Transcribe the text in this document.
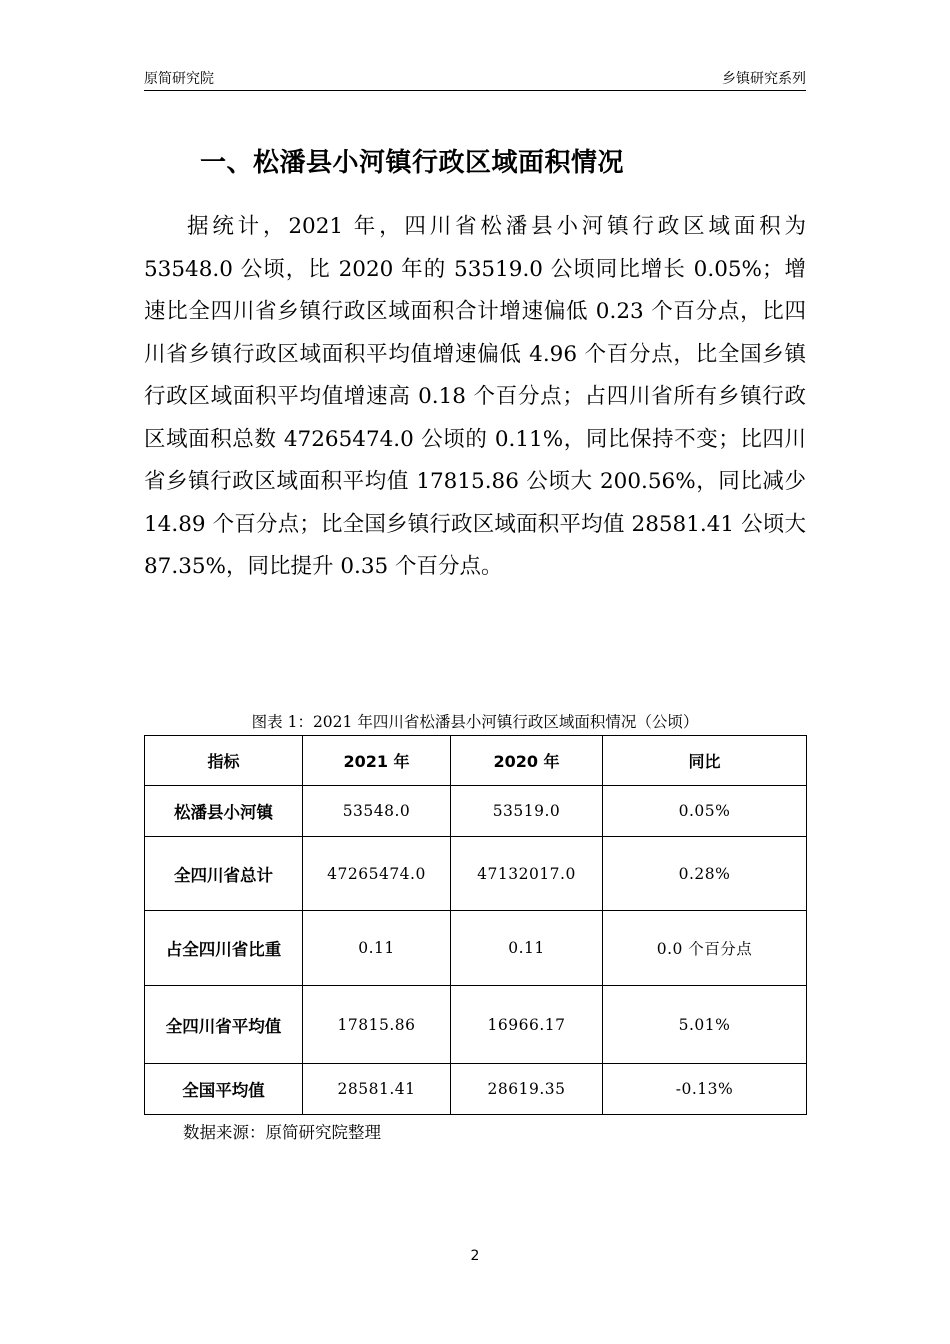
原简研究院	乡镇研究系列
一、松潘县小河镇行政区域面积情况

据统计，2021 年，四川省松潘县小河镇行政区域面积为 53548.0 公顷，比 2020 年的 53519.0 公顷同比增长 0.05%；增速比全四川省乡镇行政区域面积合计增速偏低 0.23 个百分点，比四川省乡镇行政区域面积平均值增速偏低 4.96 个百分点，比全国乡镇行政区域面积平均值增速高 0.18 个百分点；占四川省所有乡镇行政区域面积总数 47265474.0 公顷的 0.11%，同比保持不变；比四川省乡镇行政区域面积平均值 17815.86 公顷大 200.56%，同比减少 14.89 个百分点；比全国乡镇行政区域面积平均值 28581.41 公顷大 87.35%，同比提升 0.35 个百分点。

图表 1：2021 年四川省松潘县小河镇行政区域面积情况（公顷）
指标	2021 年	2020 年	同比
松潘县小河镇	53548.0	53519.0	0.05%
全四川省总计	47265474.0	47132017.0	0.28%
占全四川省比重	0.11	0.11	0.0 个百分点
全四川省平均值	17815.86	16966.17	5.01%
全国平均值	28581.41	28619.35	-0.13%
数据来源：原简研究院整理
2
